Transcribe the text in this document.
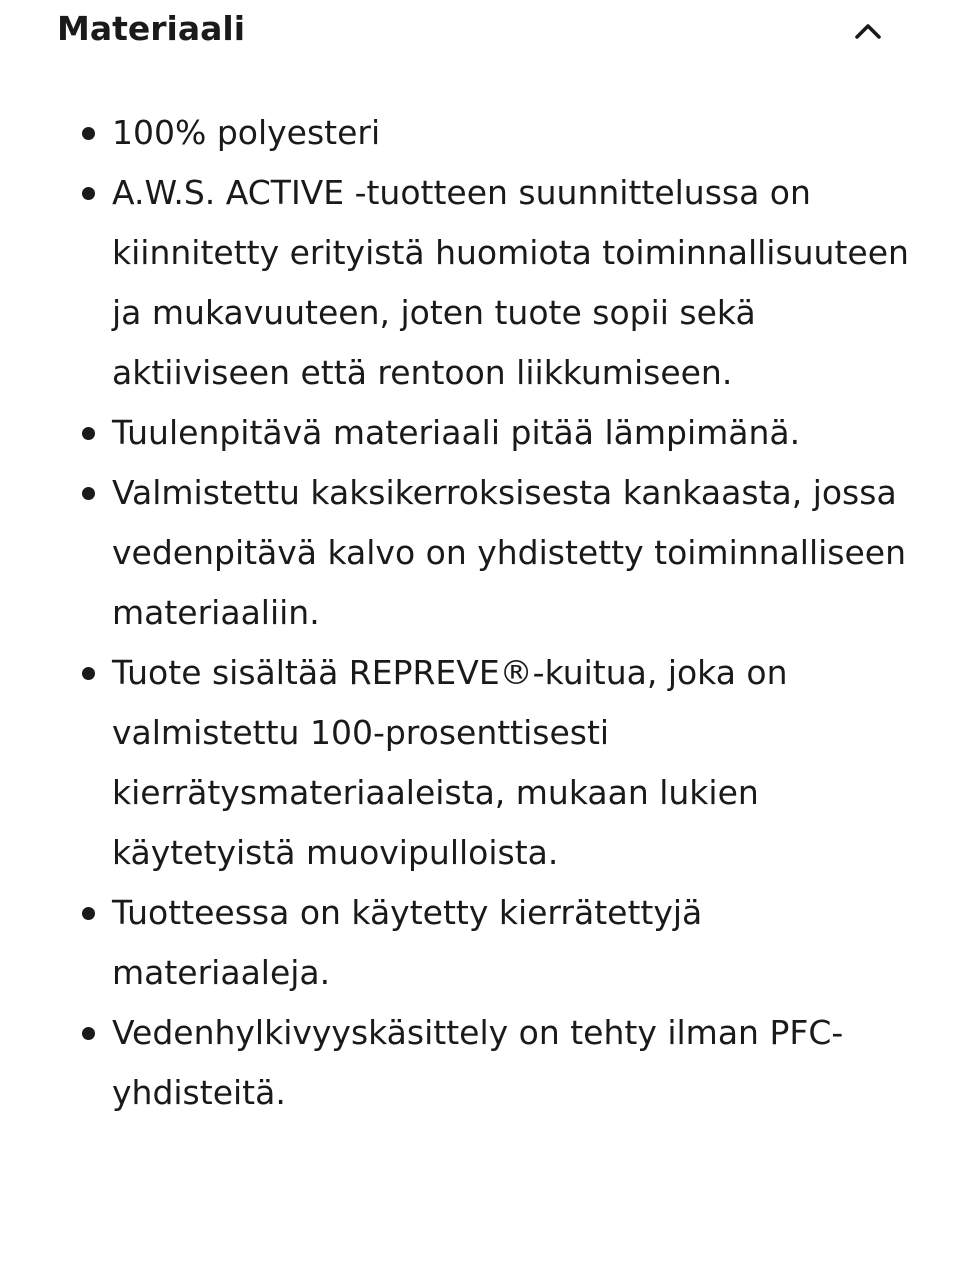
Materiaali
100% polyesteri
A.W.S. ACTIVE -tuotteen suunnittelussa on kiinnitetty erityistä huomiota toiminnallisuuteen ja mukavuuteen, joten tuote sopii sekä aktiiviseen että rentoon liikkumiseen.
Tuulenpitävä materiaali pitää lämpimänä.
Valmistettu kaksikerroksisesta kankaasta, jossa vedenpitävä kalvo on yhdistetty toiminnalliseen materiaaliin.
Tuote sisältää REPREVE®-kuitua, joka on valmistettu 100-prosenttisesti kierrätysmateriaaleista, mukaan lukien käytetyistä muovipulloista.
Tuotteessa on käytetty kierrätettyjä materiaaleja.
Vedenhylkivyyskäsittely on tehty ilman PFC-yhdisteitä.
